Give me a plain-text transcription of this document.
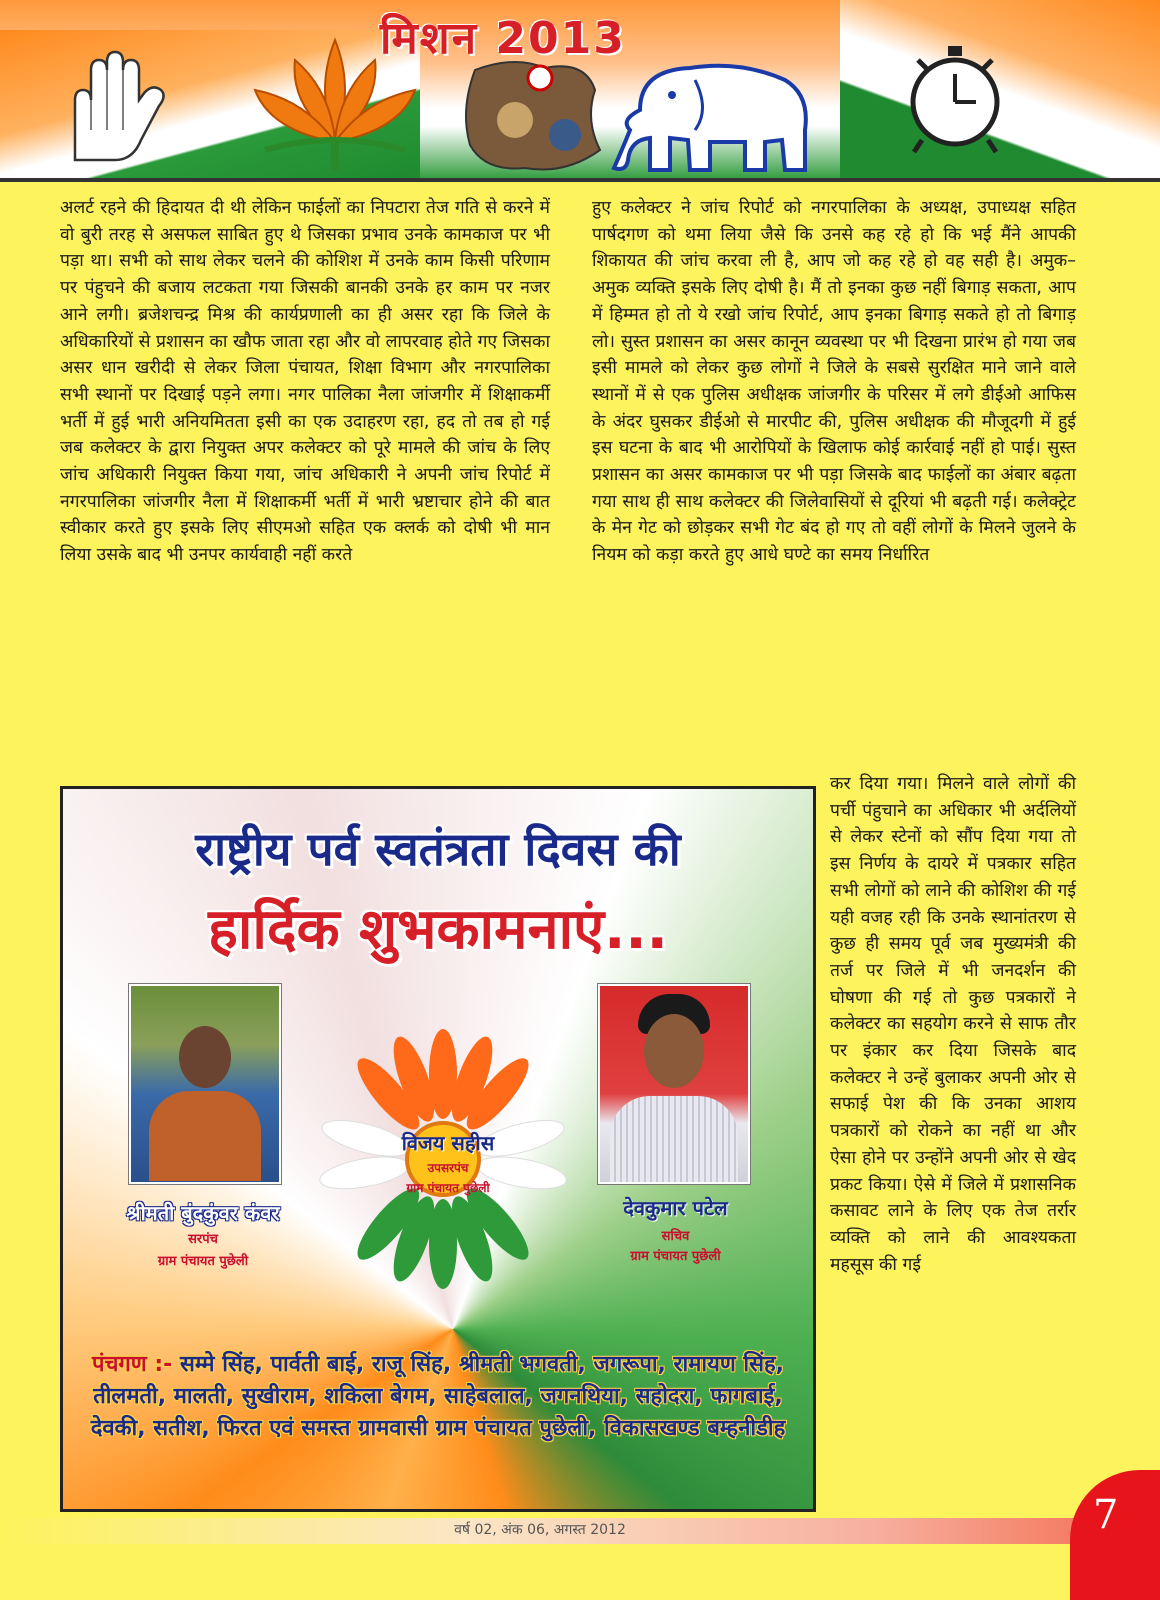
मिशन 2013
अलर्ट रहने की हिदायत दी थी लेकिन फाईलों का निपटारा तेज गति से करने में वो बुरी तरह से असफल साबित हुए थे जिसका प्रभाव उनके कामकाज पर भी पड़ा था। सभी को साथ लेकर चलने की कोशिश में उनके काम किसी परिणाम पर पंहुचने की बजाय लटकता गया जिसकी बानकी उनके हर काम पर नजर आने लगी। ब्रजेशचन्द्र मिश्र की कार्यप्रणाली का ही असर रहा कि जिले के अधिकारियों से प्रशासन का खौफ जाता रहा और वो लापरवाह होते गए जिसका असर धान खरीदी से लेकर जिला पंचायत, शिक्षा विभाग और नगरपालिका सभी स्थानों पर दिखाई पड़ने लगा। नगर पालिका नैला जांजगीर में शिक्षाकर्मी भर्ती में हुई भारी अनियमितता इसी का एक उदाहरण रहा, हद तो तब हो गई जब कलेक्टर के द्वारा नियुक्त अपर कलेक्टर को पूरे मामले की जांच के लिए जांच अधिकारी नियुक्त किया गया, जांच अधिकारी ने अपनी जांच रिपोर्ट में नगरपालिका जांजगीर नैला में शिक्षाकर्मी भर्ती में भारी भ्रष्टाचार होने की बात स्वीकार करते हुए इसके लिए सीएमओ सहित एक क्लर्क को दोषी भी मान लिया उसके बाद भी उनपर कार्यवाही नहीं करते
हुए कलेक्टर ने जांच रिपोर्ट को नगरपालिका के अध्यक्ष, उपाध्यक्ष सहित पार्षदगण को थमा लिया जैसे कि उनसे कह रहे हो कि भई मैंने आपकी शिकायत की जांच करवा ली है, आप जो कह रहे हो वह सही है। अमुक–अमुक व्यक्ति इसके लिए दोषी है। मैं तो इनका कुछ नहीं बिगाड़ सकता, आप में हिम्मत हो तो ये रखो जांच रिपोर्ट, आप इनका बिगाड़ सकते हो तो बिगाड़ लो। सुस्त प्रशासन का असर कानून व्यवस्था पर भी दिखना प्रारंभ हो गया जब इसी मामले को लेकर कुछ लोगों ने जिले के सबसे सुरक्षित माने जाने वाले स्थानों में से एक पुलिस अधीक्षक जांजगीर के परिसर में लगे डीईओ आफिस के अंदर घुसकर डीईओ से मारपीट की, पुलिस अधीक्षक की मौजूदगी में हुई इस घटना के बाद भी आरोपियों के खिलाफ कोई कार्रवाई नहीं हो पाई। सुस्त प्रशासन का असर कामकाज पर भी पड़ा जिसके बाद फाईलों का अंबार बढ़ता गया साथ ही साथ कलेक्टर की जिलेवासियों से दूरियां भी बढ़ती गई। कलेक्ट्रेट के मेन गेट को छोड़कर सभी गेट बंद हो गए तो वहीं लोगों के मिलने जुलने के नियम को कड़ा करते हुए आधे घण्टे का समय निर्धारित
कर दिया गया। मिलने वाले लोगों की पर्ची पंहुचाने का अधिकार भी अर्दलियों से लेकर स्टेनों को सौंप दिया गया तो इस निर्णय के दायरे में पत्रकार सहित सभी लोगों को लाने की कोशिश की गई यही वजह रही कि उनके स्थानांतरण से कुछ ही समय पूर्व जब मुख्यमंत्री की तर्ज पर जिले में भी जनदर्शन की घोषणा की गई तो कुछ पत्रकारों ने कलेक्टर का सहयोग करने से साफ तौर पर इंकार कर दिया जिसके बाद कलेक्टर ने उन्हें बुलाकर अपनी ओर से सफाई पेश की कि उनका आशय पत्रकारों को रोकने का नहीं था और ऐसा होने पर उन्होंने अपनी ओर से खेद प्रकट किया। ऐसे में जिले में प्रशासनिक कसावट लाने के लिए एक तेज तर्रार व्यक्ति को लाने की आवश्यकता महसूस की गई
राष्ट्रीय पर्व स्वतंत्रता दिवस की
हार्दिक शुभकामनाएं...
श्रीमती बुंदकुंवर कंवर
सरपंच
ग्राम पंचायत पुछेली
विजय सहीस
उपसरपंच
ग्राम पंचायत पुछेली
देवकुमार पटेल
सचिव
ग्राम पंचायत पुछेली
पंचगण :- सम्मे सिंह, पार्वती बाई, राजू सिंह, श्रीमती भगवती, जगरूपा, रामायण सिंह, तीलमती, मालती, सुखीराम, शकिला बेगम, साहेबलाल, जगनथिया, सहोदरा, फागबाई, देवकी, सतीश, फिरत एवं समस्त ग्रामवासी ग्राम पंचायत पुछेली, विकासखण्ड बम्हनीडीह
वर्ष 02, अंक 06, अगस्त 2012	7
